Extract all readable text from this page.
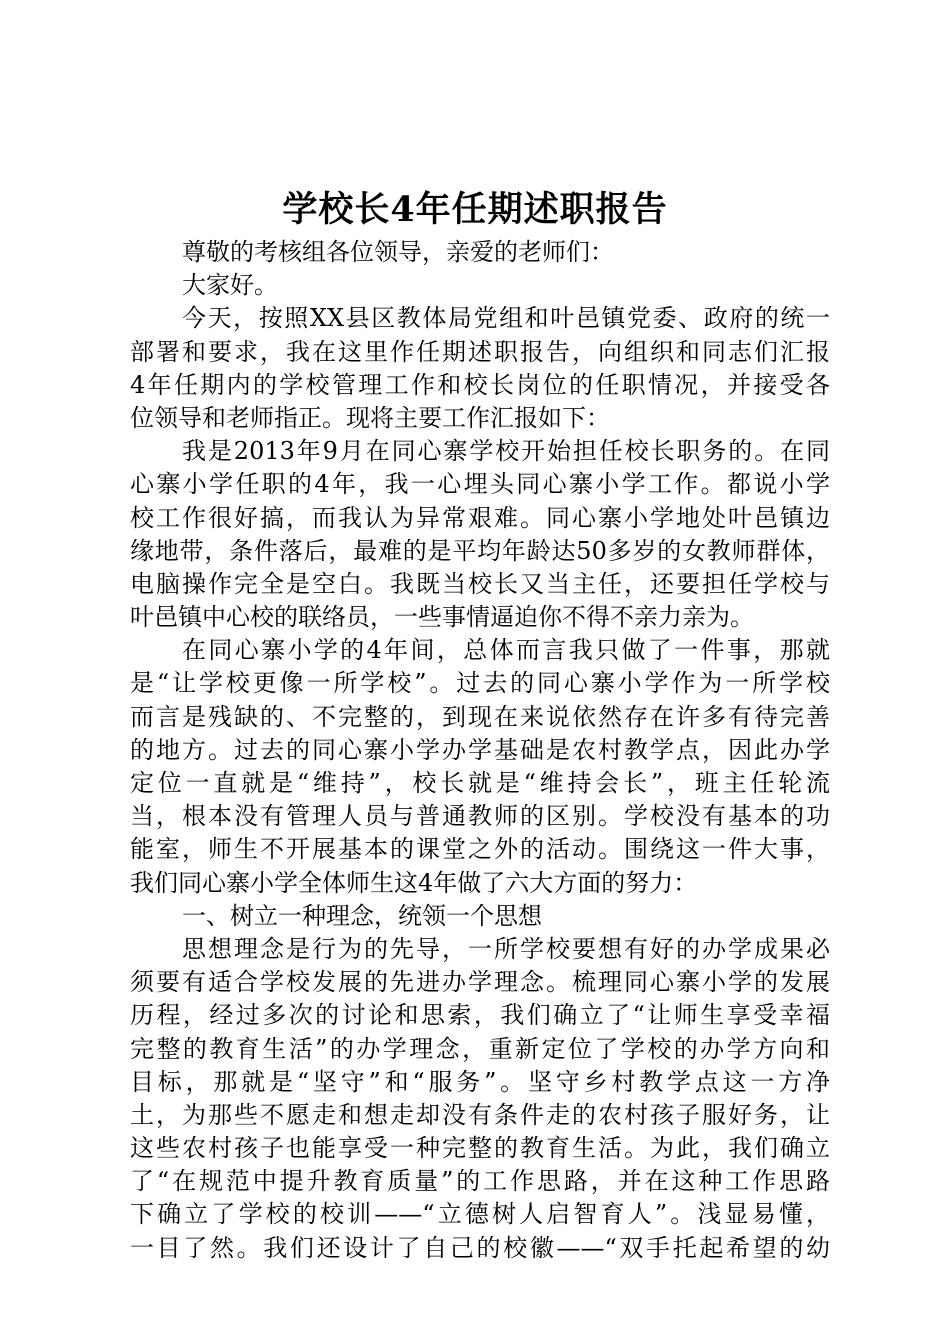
学校长4年任期述职报告
尊敬的考核组各位领导，亲爱的老师们：
大家好。
今天，按照XX县区教体局党组和叶邑镇党委、政府的统一
部署和要求，我在这里作任期述职报告，向组织和同志们汇报
4年任期内的学校管理工作和校长岗位的任职情况，并接受各
位领导和老师指正。现将主要工作汇报如下：
我是2013年9月在同心寨学校开始担任校长职务的。在同
心寨小学任职的4年，我一心埋头同心寨小学工作。都说小学
校工作很好搞，而我认为异常艰难。同心寨小学地处叶邑镇边
缘地带，条件落后，最难的是平均年龄达50多岁的女教师群体，
电脑操作完全是空白。我既当校长又当主任，还要担任学校与
叶邑镇中心校的联络员，一些事情逼迫你不得不亲力亲为。
在同心寨小学的4年间，总体而言我只做了一件事，那就
是“让学校更像一所学校”。过去的同心寨小学作为一所学校
而言是残缺的、不完整的，到现在来说依然存在许多有待完善
的地方。过去的同心寨小学办学基础是农村教学点，因此办学
定位一直就是“维持”，校长就是“维持会长”，班主任轮流
当，根本没有管理人员与普通教师的区别。学校没有基本的功
能室，师生不开展基本的课堂之外的活动。围绕这一件大事，
我们同心寨小学全体师生这4年做了六大方面的努力：
一、树立一种理念，统领一个思想
思想理念是行为的先导，一所学校要想有好的办学成果必
须要有适合学校发展的先进办学理念。梳理同心寨小学的发展
历程，经过多次的讨论和思索，我们确立了“让师生享受幸福
完整的教育生活”的办学理念，重新定位了学校的办学方向和
目标，那就是“坚守”和“服务”。坚守乡村教学点这一方净
土，为那些不愿走和想走却没有条件走的农村孩子服好务，让
这些农村孩子也能享受一种完整的教育生活。为此，我们确立
了“在规范中提升教育质量”的工作思路，并在这种工作思路
下确立了学校的校训——“立德树人启智育人”。浅显易懂，
一目了然。我们还设计了自己的校徽——“双手托起希望的幼
